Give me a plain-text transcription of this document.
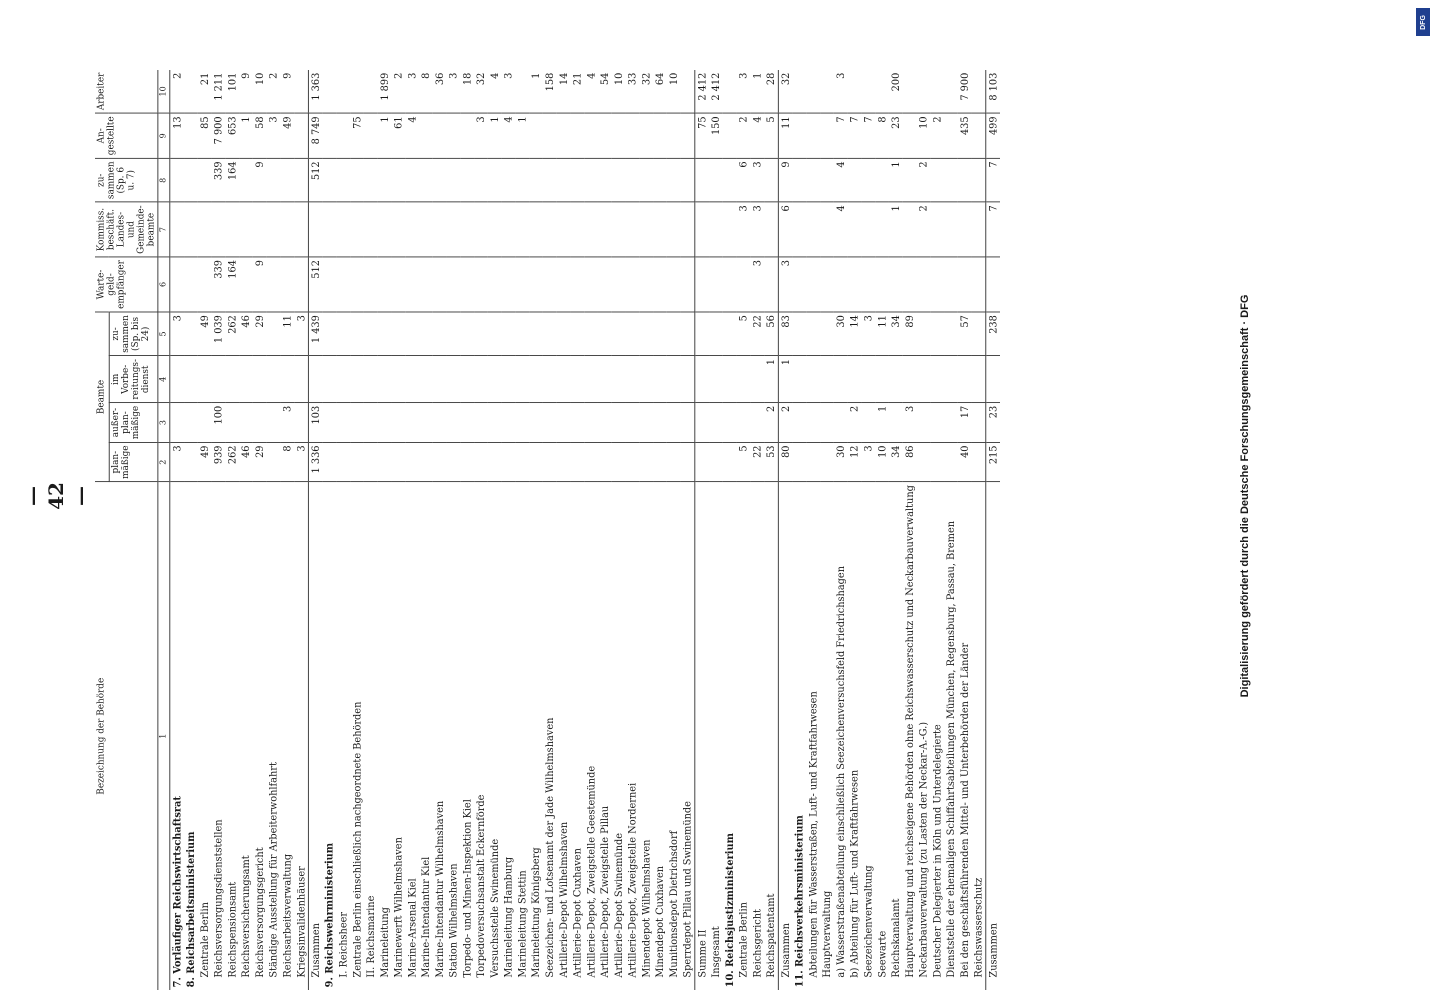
— 42 —	Digitalisierung gefördert durch die Deutsche Forschungsgemeinschaft · DFG
DFG
Bezeichnung der Behörde	Beamte				Warte-geld-empfänger	Kommiss. beschäft. Landes- und Gemeinde-beamte	zu-sammen (Sp. 6 u. 7)	An-gestellte	Arbeiter
	plan-mäßige	außer-plan-mäßige	im Vorbe-reitungs-dienst	zu-sammen (Sp. bis 24)					
1	2	3	4	5	6	7	8	9	10
7. Vorläufiger Reichswirtschaftsrat	3			3				13	2
8. Reichsarbeitsministerium									
Zentrale Berlin	49			49				85	21
Reichsversorgungsdienststellen	939	100		1 039	339		339	7 900	1 211
Reichspensionsamt	262			262	164		164	653	101
Reichsversicherungsamt	46			46				1	9
Reichsversorgungsgericht	29			29	9		9	58	10
Ständige Ausstellung für Arbeiterwohlfahrt								3	2
Reichsarbeitsverwaltung	8	3		11				49	9
Kriegsinvalidenhäuser	3			3					
Zusammen	1 336	103		1 439	512		512	8 749	1 363
9. Reichswehrministerium									
I. Reichsheer									
Zentrale Berlin einschließlich nachgeordnete Behörden								75	
II. Reichsmarine									
Marineleitung								1	1 899
Marinewerft Wilhelmshaven								61	2
Marine-Arsenal Kiel								4	3
Marine-Intendantur Kiel									8
Marine-Intendantur Wilhelmshaven									36
Station Wilhelmshaven									3
Torpedo- und Minen-Inspektion Kiel									18
Torpedoversuchsanstalt Eckernförde								3	32
Versuchsstelle Swinemünde								1	4
Marineleitung Hamburg								4	3
Marineleitung Stettin								1	
Marineleitung Königsberg									1
Seezeichen- und Lotsenamt der Jade Wilhelmshaven									158
Artillerie-Depot Wilhelmshaven									14
Artillerie-Depot Cuxhaven									21
Artillerie-Depot, Zweigstelle Geestemünde									4
Artillerie-Depot, Zweigstelle Pillau									54
Artillerie-Depot Swinemünde									10
Artillerie-Depot, Zweigstelle Nordernei									33
Minendepot Wilhelmshaven									32
Minendepot Cuxhaven									64
Munitionsdepot Dietrichsdorf									10
Sperrdepot Pillau und Swinemünde									
Summe II								75	2 412
Insgesamt								150	2 412
10. Reichsjustizministerium									
Zentrale Berlin	5			5		3	6	2	3
Reichsgericht	22			22	3	3	3	4	1
Reichspatentamt	53	2	1	56				5	28
Zusammen	80	2	1	83	3	6	9	11	32
11. Reichsverkehrsministerium									
Abteilungen für Wasserstraßen, Luft- und Kraftfahrwesen									
Hauptverwaltung									
a) Wasserstraßenabteilung einschließlich Seezeichenversuchsfeld Friedrichshagen	30			30		4	4	7	3
b) Abteilung für Luft- und Kraftfahrwesen	12	2		14				7	
Seezeichenverwaltung	3			3				7	
Seewarte	10	1		11				8	
Reichskanalamt	34			34		1	1	23	200
Hauptverwaltung und reichseigene Behörden ohne Reichswasserschutz und Neckarbauverwaltung	86	3		89					
Neckarbauverwaltung (zu Lasten der Neckar-A.-G.)						2	2	10	
Deutscher Delegierter in Köln und Unterdelegierte								2	
Dienststelle der ehemaligen Schiffahrtsabteilungen München, Regensburg, Passau, Bremen									
Bei den geschäftsführenden Mittel- und Unterbehörden der Länder	40	17		57				435	7 900
Reichswasserschutz									
Zusammen	215	23		238		7	7	499	8 103
